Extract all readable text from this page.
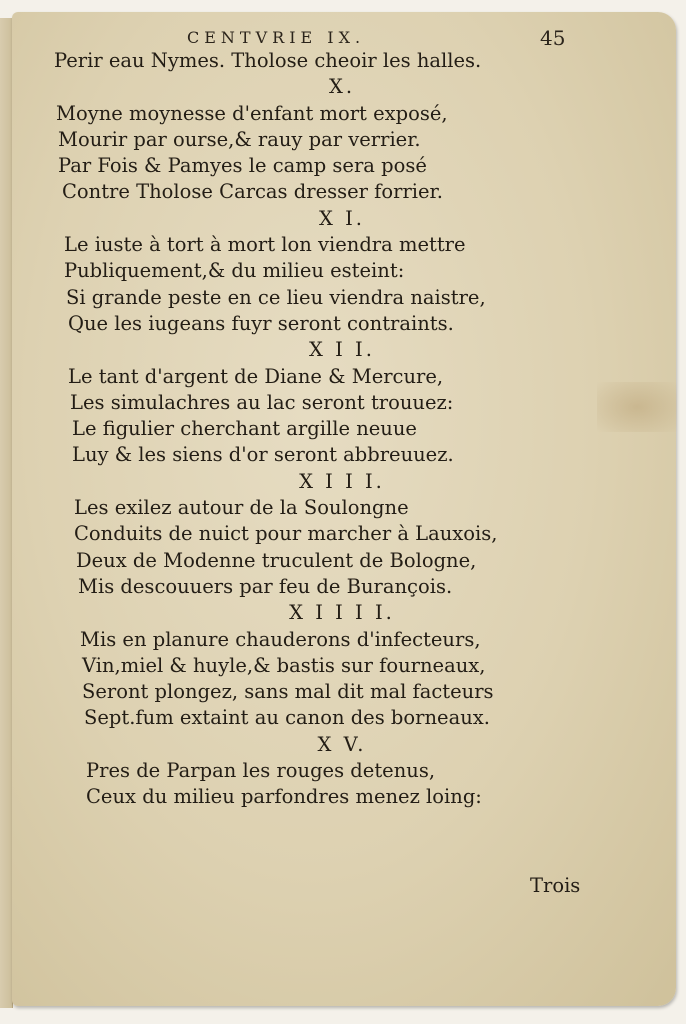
CENTVRIE IX.	45
Perir eau Nymes. Tholose cheoir les halles.
X.
Moyne moynesse d'enfant mort exposé,
Mourir par ourse,& rauy par verrier.
Par Fois & Pamyes le camp sera posé
Contre Tholose Carcas dresser forrier.
X I.
Le iuste à tort à mort lon viendra mettre
Publiquement,& du milieu esteint:
Si grande peste en ce lieu viendra naistre,
Que les iugeans fuyr seront contraints.
X I I.
Le tant d'argent de Diane & Mercure,
Les simulachres au lac seront trouuez:
Le figulier cherchant argille neuue
Luy & les siens d'or seront abbreuuez.
X I I I.
Les exilez autour de la Soulongne
Conduits de nuict pour marcher à Lauxois,
Deux de Modenne truculent de Bologne,
Mis descouuers par feu de Burançois.
X I I I I.
Mis en planure chauderons d'infecteurs,
Vin,miel & huyle,& bastis sur fourneaux,
Seront plongez, sans mal dit mal facteurs
Sept.fum extaint au canon des borneaux.
X V.
Pres de Parpan les rouges detenus,
Ceux du milieu parfondres menez loing:
Trois
